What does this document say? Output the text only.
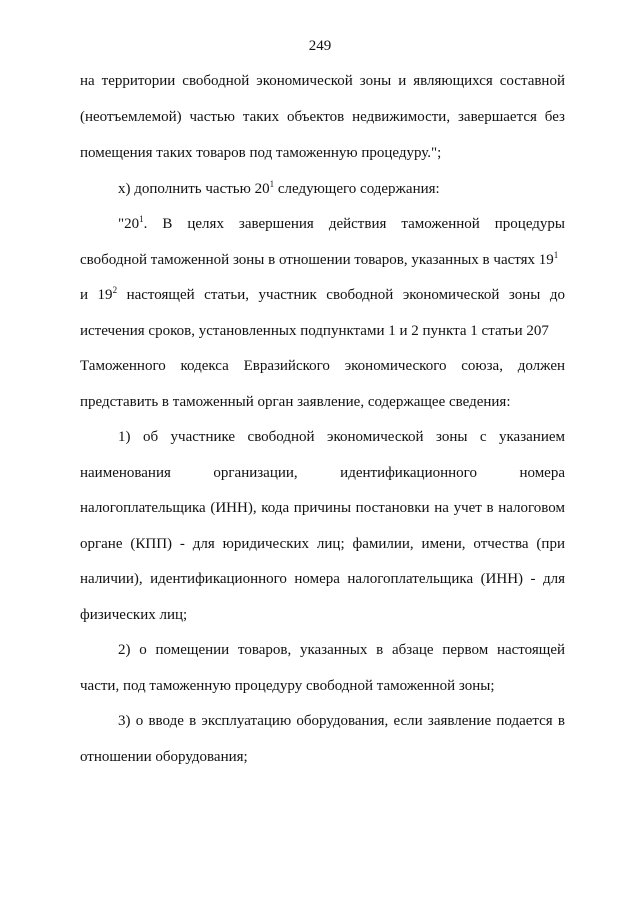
249
на территории свободной экономической зоны и являющихся составной
(неотъемлемой) частью таких объектов недвижимости, завершается без
помещения таких товаров под таможенную процедуру.";
х) дополнить частью $20^1$ следующего содержания:
"$20^1$. В целях завершения действия таможенной процедуры
свободной таможенной зоны в отношении товаров, указанных в частях $19^1$
и $19^2$ настоящей статьи, участник свободной экономической зоны до
истечения сроков, установленных подпунктами 1 и 2 пункта 1 статьи 207
Таможенного кодекса Евразийского экономического союза, должен
представить в таможенный орган заявление, содержащее сведения:
1) об участнике свободной экономической зоны с указанием
наименования организации, идентификационного номера
налогоплательщика (ИНН), кода причины постановки на учет в налоговом
органе (КПП) - для юридических лиц; фамилии, имени, отчества (при
наличии), идентификационного номера налогоплательщика (ИНН) - для
физических лиц;
2) о помещении товаров, указанных в абзаце первом настоящей
части, под таможенную процедуру свободной таможенной зоны;
3) о вводе в эксплуатацию оборудования, если заявление подается в
отношении оборудования;
